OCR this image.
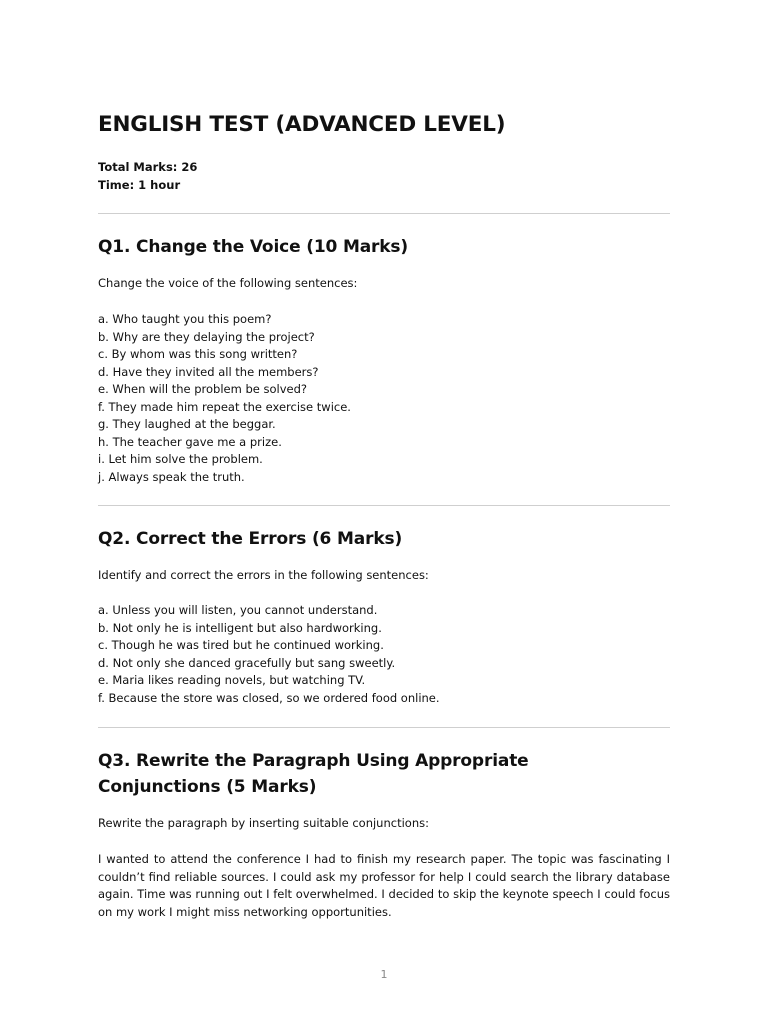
ENGLISH TEST (ADVANCED LEVEL)
Total Marks: 26
Time: 1 hour
Q1. Change the Voice (10 Marks)
Change the voice of the following sentences:
a. Who taught you this poem?
b. Why are they delaying the project?
c. By whom was this song written?
d. Have they invited all the members?
e. When will the problem be solved?
f. They made him repeat the exercise twice.
g. They laughed at the beggar.
h. The teacher gave me a prize.
i. Let him solve the problem.
j. Always speak the truth.
Q2. Correct the Errors (6 Marks)
Identify and correct the errors in the following sentences:
a. Unless you will listen, you cannot understand.
b. Not only he is intelligent but also hardworking.
c. Though he was tired but he continued working.
d. Not only she danced gracefully but sang sweetly.
e. Maria likes reading novels, but watching TV.
f. Because the store was closed, so we ordered food online.
Q3. Rewrite the Paragraph Using Appropriate Conjunctions (5 Marks)
Rewrite the paragraph by inserting suitable conjunctions:

I wanted to attend the conference I had to finish my research paper. The topic was fascinating I couldn’t find reliable sources. I could ask my professor for help I could search the library database again. Time was running out I felt overwhelmed. I decided to skip the keynote speech I could focus on my work I might miss networking opportunities.

1
